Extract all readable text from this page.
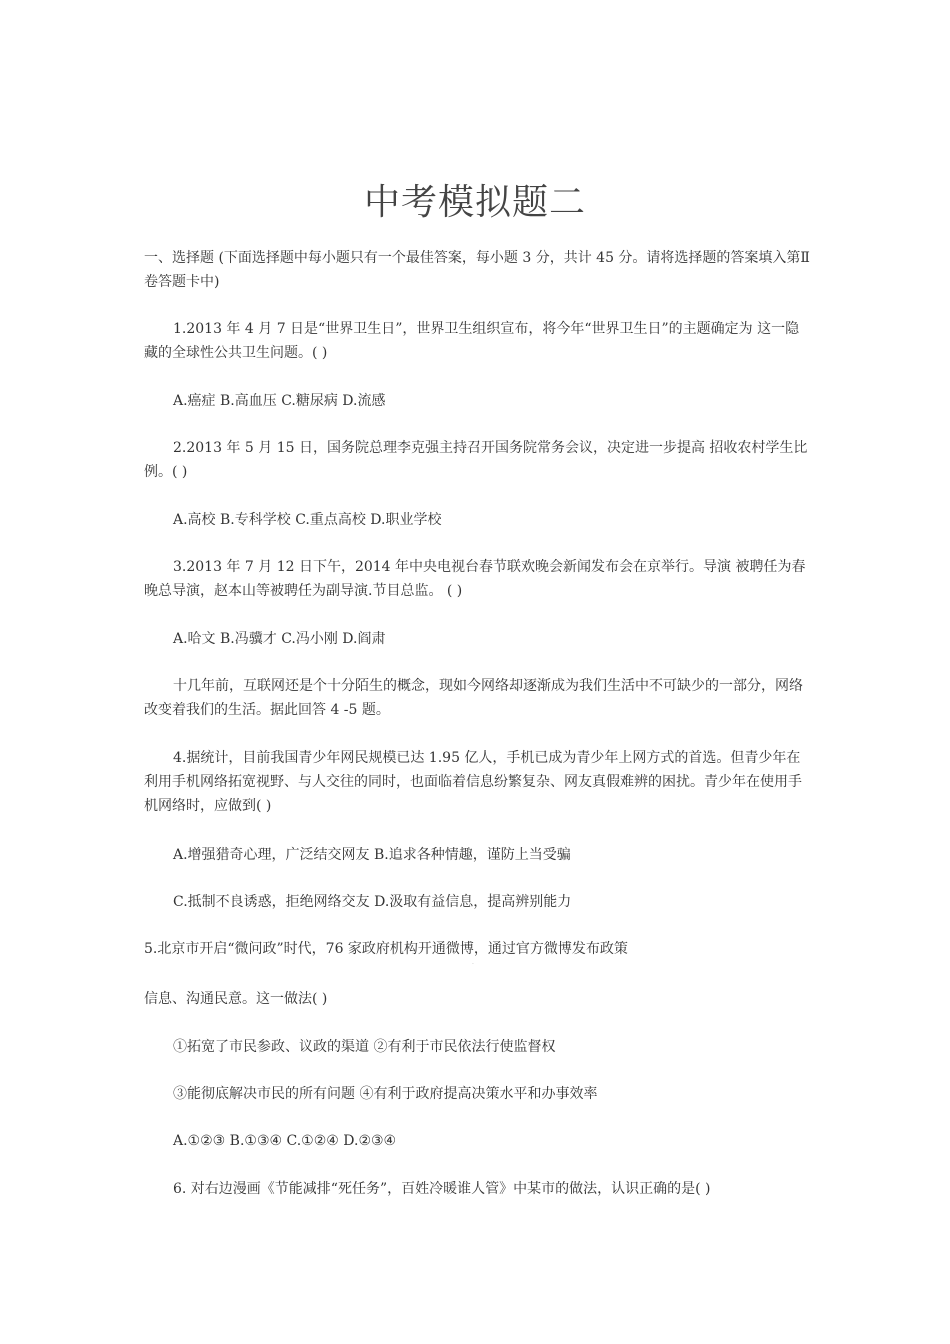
中考模拟题二

一、选择题 (下面选择题中每小题只有一个最佳答案，每小题 3 分，共计 45 分。请将选择题的答案填入第Ⅱ卷答题卡中)

1.2013 年 4 月 7 日是“世界卫生日”，世界卫生组织宣布，将今年“世界卫生日”的主题确定为 这一隐藏的全球性公共卫生问题。( )

A.癌症 B.高血压 C.糖尿病 D.流感

2.2013 年 5 月 15 日，国务院总理李克强主持召开国务院常务会议，决定进一步提高 招收农村学生比例。( )

A.高校 B.专科学校 C.重点高校 D.职业学校

3.2013 年 7 月 12 日下午，2014 年中央电视台春节联欢晚会新闻发布会在京举行。导演 被聘任为春晚总导演，赵本山等被聘任为副导演.节目总监。 ( )

A.哈文 B.冯骥才 C.冯小刚 D.阎肃

十几年前，互联网还是个十分陌生的概念，现如今网络却逐渐成为我们生活中不可缺少的一部分，网络改变着我们的生活。据此回答 4 -5 题。

4.据统计，目前我国青少年网民规模已达 1.95 亿人，手机已成为青少年上网方式的首选。但青少年在利用手机网络拓宽视野、与人交往的同时，也面临着信息纷繁复杂、网友真假难辨的困扰。青少年在使用手机网络时，应做到( )

A.增强猎奇心理，广泛结交网友 B.追求各种情趣，谨防上当受骗

C.抵制不良诱惑，拒绝网络交友 D.汲取有益信息，提高辨别能力

5.北京市开启“微问政”时代，76 家政府机构开通微博，通过官方微博发布政策

·

信息、沟通民意。这一做法( )

①拓宽了市民参政、议政的渠道 ②有利于市民依法行使监督权

③能彻底解决市民的所有问题 ④有利于政府提高决策水平和办事效率

A.①②③ B.①③④ C.①②④ D.②③④

6. 对右边漫画《节能减排“死任务”，百姓冷暖谁人管》中某市的做法，认识正确的是( )
